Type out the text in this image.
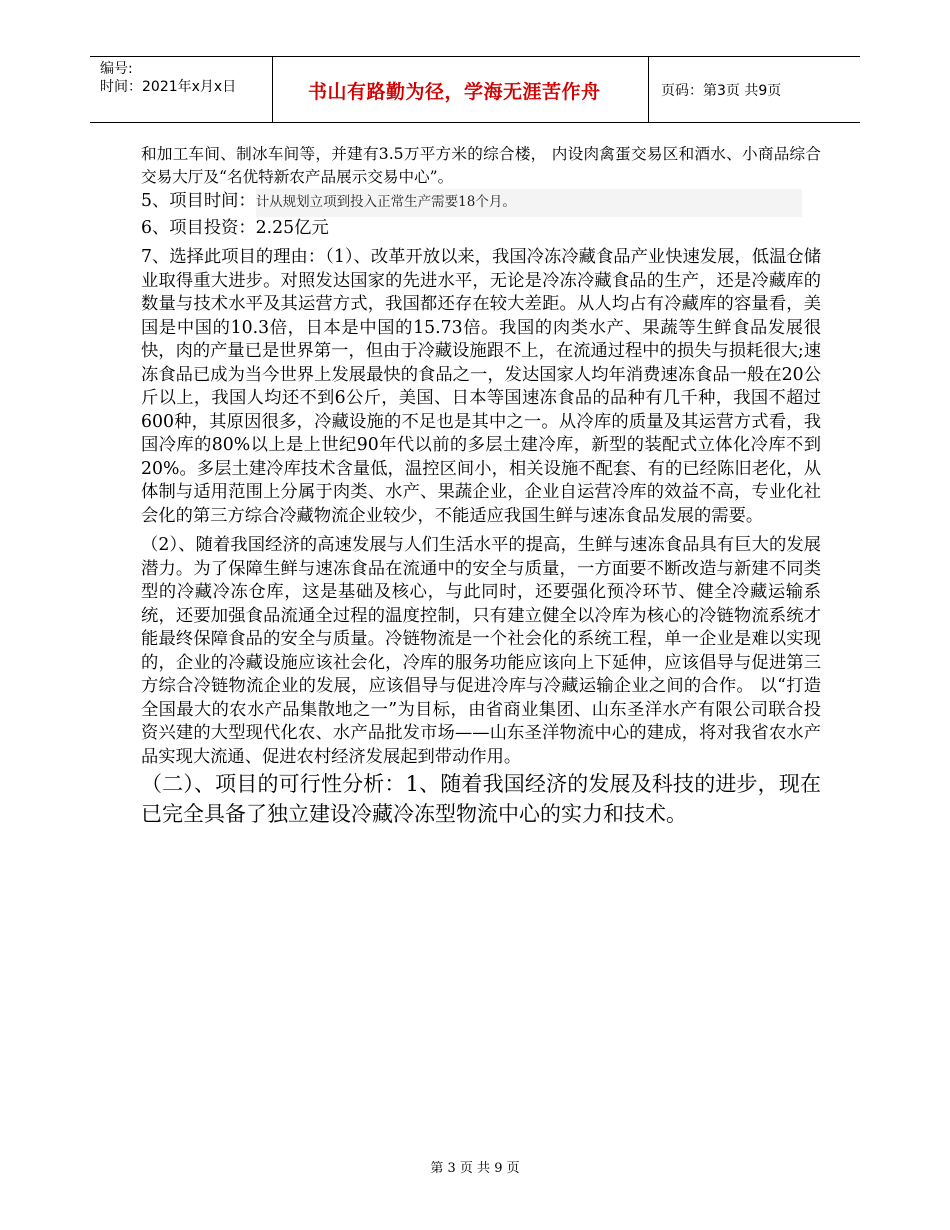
编号:
时间：2021年x月x日	书山有路勤为径，学海无涯苦作舟	页码：第3页 共9页

和加工车间、制冰车间等，并建有3.5万平方米的综合楼， 内设肉禽蛋交易区和酒水、小商品综合交易大厅及“名优特新农产品展示交易中心”。

5、项目时间：计从规划立项到投入正常生产需要18个月。

6、项目投资：2.25亿元

7、选择此项目的理由：（1）、改革开放以来，我国冷冻冷藏食品产业快速发展，低温仓储业取得重大进步。对照发达国家的先进水平，无论是冷冻冷藏食品的生产，还是冷藏库的数量与技术水平及其运营方式，我国都还存在较大差距。从人均占有冷藏库的容量看，美国是中国的10.3倍，日本是中国的15.73倍。我国的肉类水产、果蔬等生鲜食品发展很快，肉的产量已是世界第一，但由于冷藏设施跟不上，在流通过程中的损失与损耗很大;速冻食品已成为当今世界上发展最快的食品之一，发达国家人均年消费速冻食品一般在20公斤以上，我国人均还不到6公斤，美国、日本等国速冻食品的品种有几千种，我国不超过600种，其原因很多，冷藏设施的不足也是其中之一。从冷库的质量及其运营方式看，我国冷库的80%以上是上世纪90年代以前的多层土建冷库，新型的装配式立体化冷库不到20%。多层土建冷库技术含量低，温控区间小，相关设施不配套、有的已经陈旧老化，从体制与适用范围上分属于肉类、水产、果蔬企业，企业自运营冷库的效益不高，专业化社会化的第三方综合冷藏物流企业较少，不能适应我国生鲜与速冻食品发展的需要。

（2）、随着我国经济的高速发展与人们生活水平的提高，生鲜与速冻食品具有巨大的发展潜力。为了保障生鲜与速冻食品在流通中的安全与质量，一方面要不断改造与新建不同类型的冷藏冷冻仓库，这是基础及核心，与此同时，还要强化预冷环节、健全冷藏运输系统，还要加强食品流通全过程的温度控制，只有建立健全以冷库为核心的冷链物流系统才能最终保障食品的安全与质量。冷链物流是一个社会化的系统工程，单一企业是难以实现的，企业的冷藏设施应该社会化，冷库的服务功能应该向上下延伸，应该倡导与促进第三方综合冷链物流企业的发展，应该倡导与促进冷库与冷藏运输企业之间的合作。 以“打造全国最大的农水产品集散地之一”为目标，由省商业集团、山东圣洋水产有限公司联合投资兴建的大型现代化农、水产品批发市场——山东圣洋物流中心的建成，将对我省农水产品实现大流通、促进农村经济发展起到带动作用。

（二）、项目的可行性分析：1、随着我国经济的发展及科技的进步，现在已完全具备了独立建设冷藏冷冻型物流中心的实力和技术。

第 3 页 共 9 页
